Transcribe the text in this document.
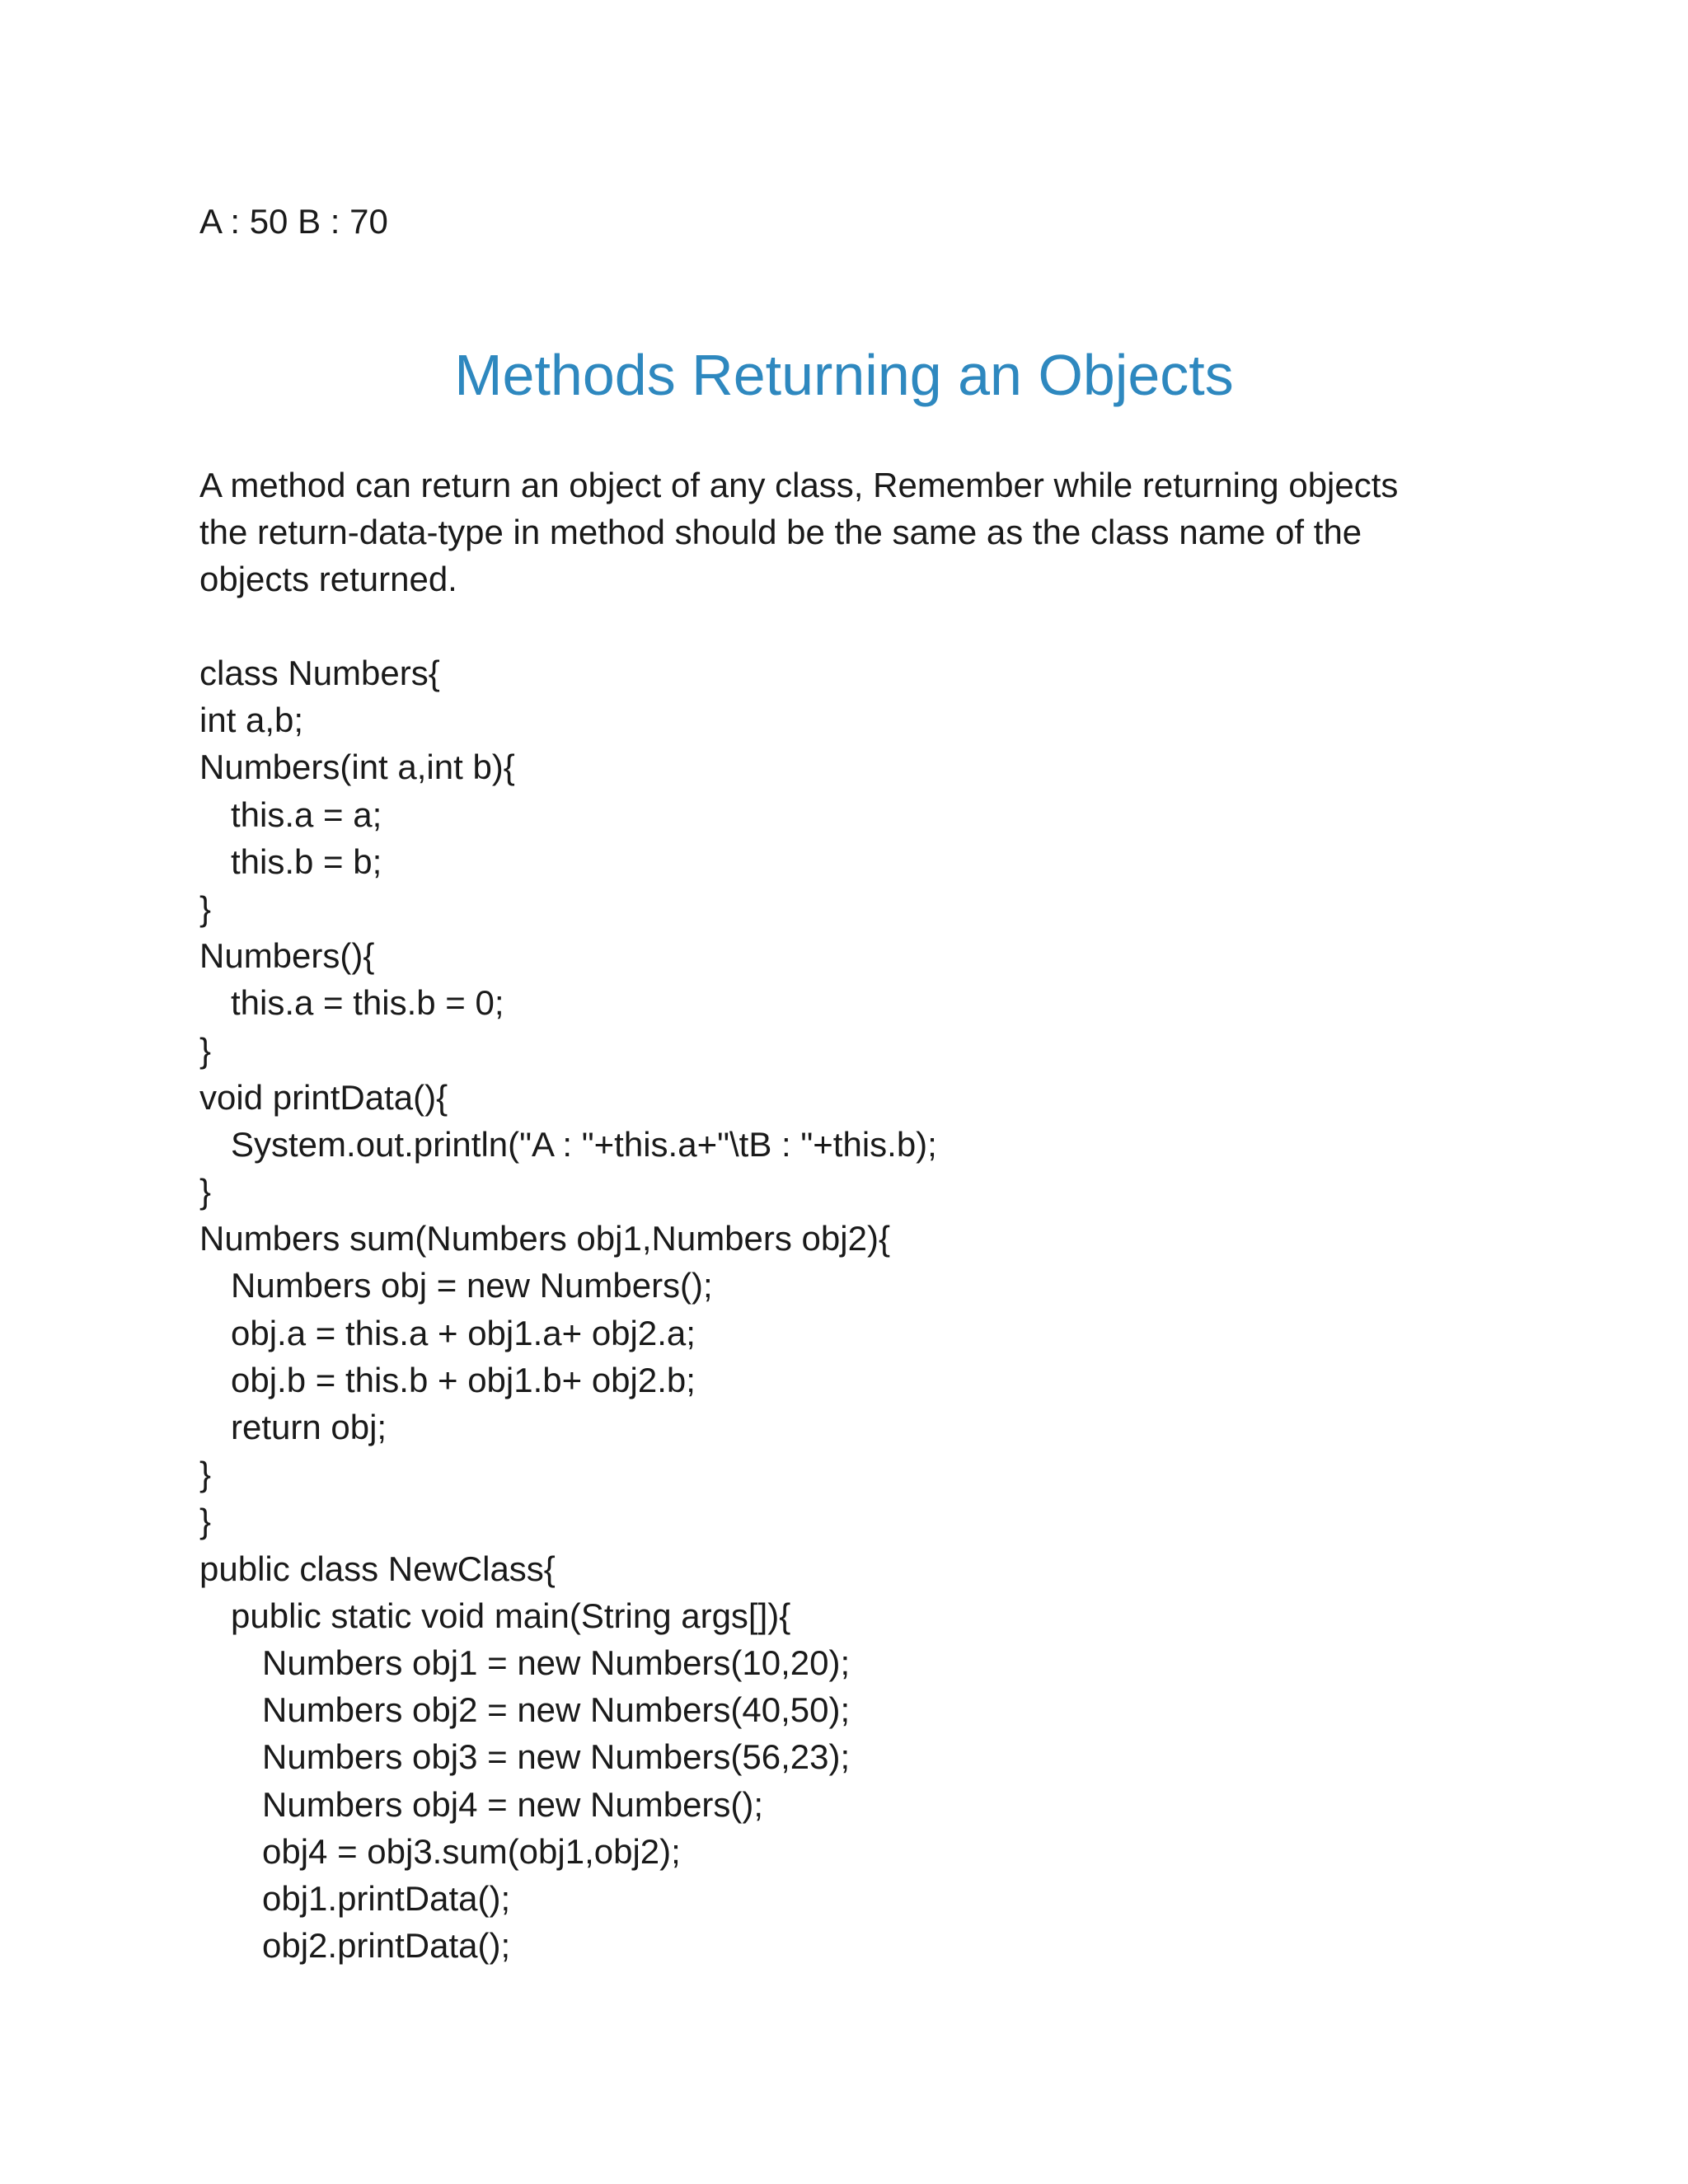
A : 50 B : 70

Methods Returning an Objects
A method can return an object of any class, Remember while returning objects
the return-data-type in method should be the same as the class name of the
objects returned.
class Numbers{
int a,b;
Numbers(int a,int b){
this.a = a;
this.b = b;
}
Numbers(){
this.a = this.b = 0;
}
void printData(){
System.out.println("A : "+this.a+"\tB : "+this.b);
}
Numbers sum(Numbers obj1,Numbers obj2){
Numbers obj = new Numbers();
obj.a = this.a + obj1.a+ obj2.a;
obj.b = this.b + obj1.b+ obj2.b;
return obj;
}
}
public class NewClass{
public static void main(String args[]){
Numbers obj1 = new Numbers(10,20);
Numbers obj2 = new Numbers(40,50);
Numbers obj3 = new Numbers(56,23);
Numbers obj4 = new Numbers();
obj4 = obj3.sum(obj1,obj2);
obj1.printData();
obj2.printData();
